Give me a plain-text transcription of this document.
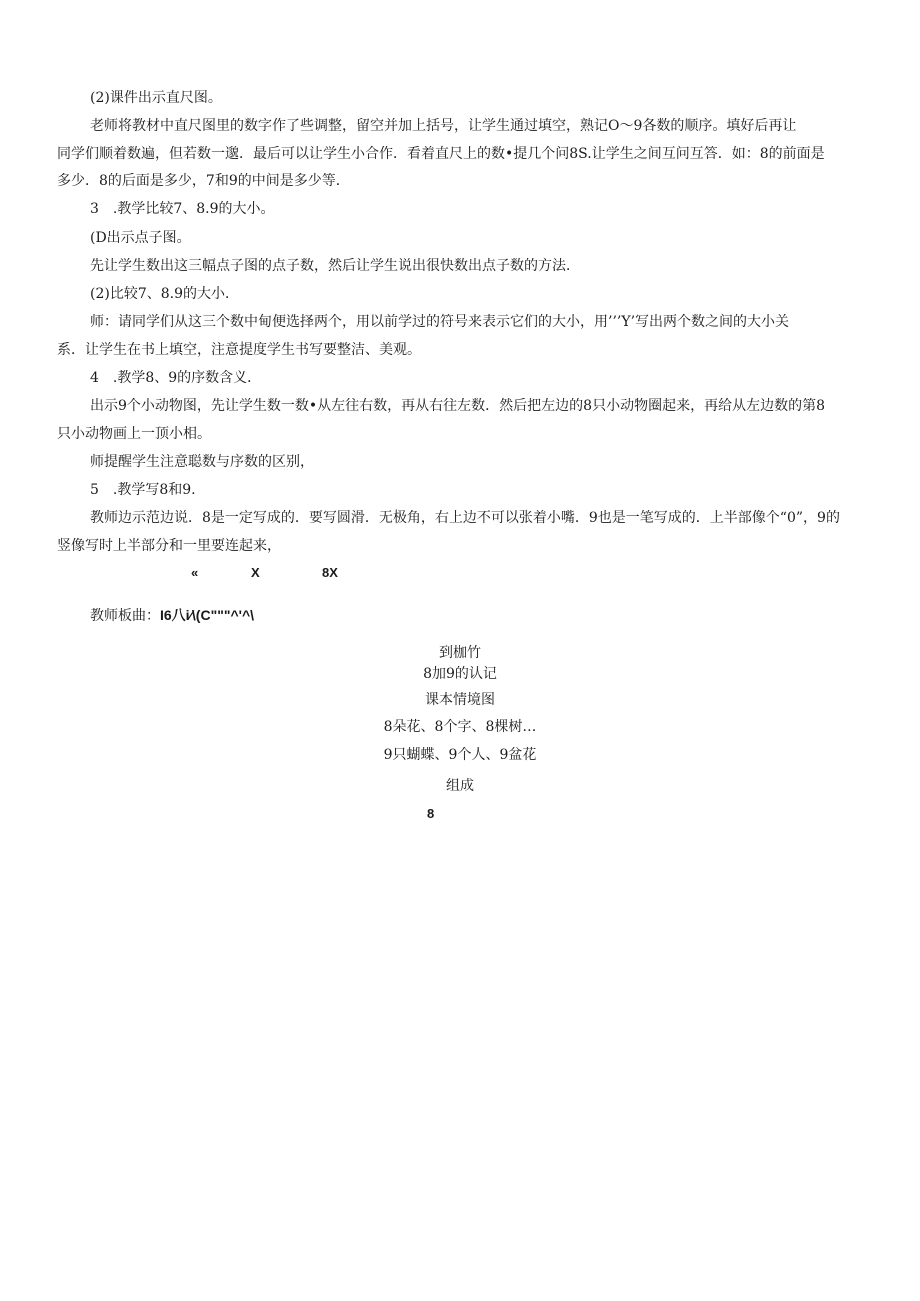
(2)课件出示直尺图。
老师将教材中直尺图里的数字作了些调整，留空并加上括号，让学生通过填空，熟记O～9各数的顺序。填好后再让
同学们顺着数遍，但若数一邈．最后可以让学生小合作．看着直尺上的数•提几个问8S.让学生之间互问互答．如：8的前面是
多少．8的后面是多少，7和9的中间是多少等．
3　.教学比较7、8.9的大小。
(D出示点子图。
先让学生数出这三幅点子图的点子数，然后让学生说出很快数出点子数的方法．
(2)比较7、8.9的大小．
师：请同学们从这三个数中甸便选择两个，用以前学过的符号来表示它们的大小，用’’’Y’写出两个数之间的大小关
系．让学生在书上填空，注意提度学生书写要整洁、美观。
4　.教学8、9的序数含义．
出示9个小动物图，先让学生数一数•从左往右数，再从右往左数．然后把左边的8只小动物圈起来，再给从左边数的第8
只小动物画上一顶小相。
师提醒学生注意聪数与序数的区别，
5　.教学写8和9.
教师边示范边说．8是一定写成的．要写圆滑．无极角，右上边不可以张着小嘴．9也是一笔写成的．上半部像个“0”，9的
竖像写时上半部分和一里要连起来，
«	X	8X
教师板曲：I6八i⁄\(C"""^'^\
到枷竹
8加9的认记
课本情境图
8朵花、8个字、8棵树…
9只蝴蝶、9个人、9盆花
组成
8
